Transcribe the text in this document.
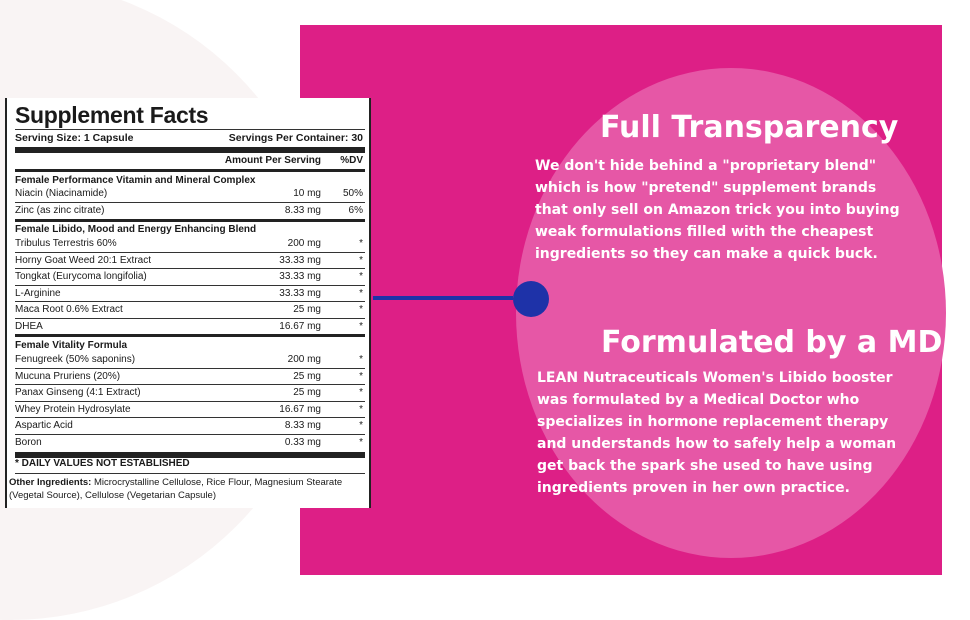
Supplement Facts
Serving Size: 1 Capsule	Servings Per Container: 30
Amount Per Serving %DV
Female Performance Vitamin and Mineral Complex
Niacin (Niacinamide)	10 mg 50%
Zinc (as zinc citrate)	8.33 mg	6%
Female Libido, Mood and Energy Enhancing Blend
Tribulus Terrestris 60%	200 mg	*
Horny Goat Weed 20:1 Extract	33.33 mg	*
Tongkat (Eurycoma longifolia)	33.33 mg	*
L-Arginine	33.33 mg	*
Maca Root 0.6% Extract	25 mg	*
DHEA	16.67 mg	*
Female Vitality Formula
Fenugreek (50% saponins)	200 mg	*
Mucuna Pruriens (20%)	25 mg	*
Panax Ginseng (4:1 Extract)	25 mg	*
Whey Protein Hydrosylate	16.67 mg	*
Aspartic Acid	8.33 mg	*
Boron	0.33 mg	*
* DAILY VALUES NOT ESTABLISHED
Other Ingredients: Microcrystalline Cellulose, Rice Flour, Magnesium Stearate (Vegetal Source), Cellulose (Vegetarian Capsule)
Full Transparency
We don't hide behind a "proprietary blend"
which is how "pretend" supplement brands
that only sell on Amazon trick you into buying
weak formulations filled with the cheapest
ingredients so they can make a quick buck.
Formulated by a MD
LEAN Nutraceuticals Women's Libido booster
was formulated by a Medical Doctor who
specializes in hormone replacement therapy
and understands how to safely help a woman
get back the spark she used to have using
ingredients proven in her own practice.
